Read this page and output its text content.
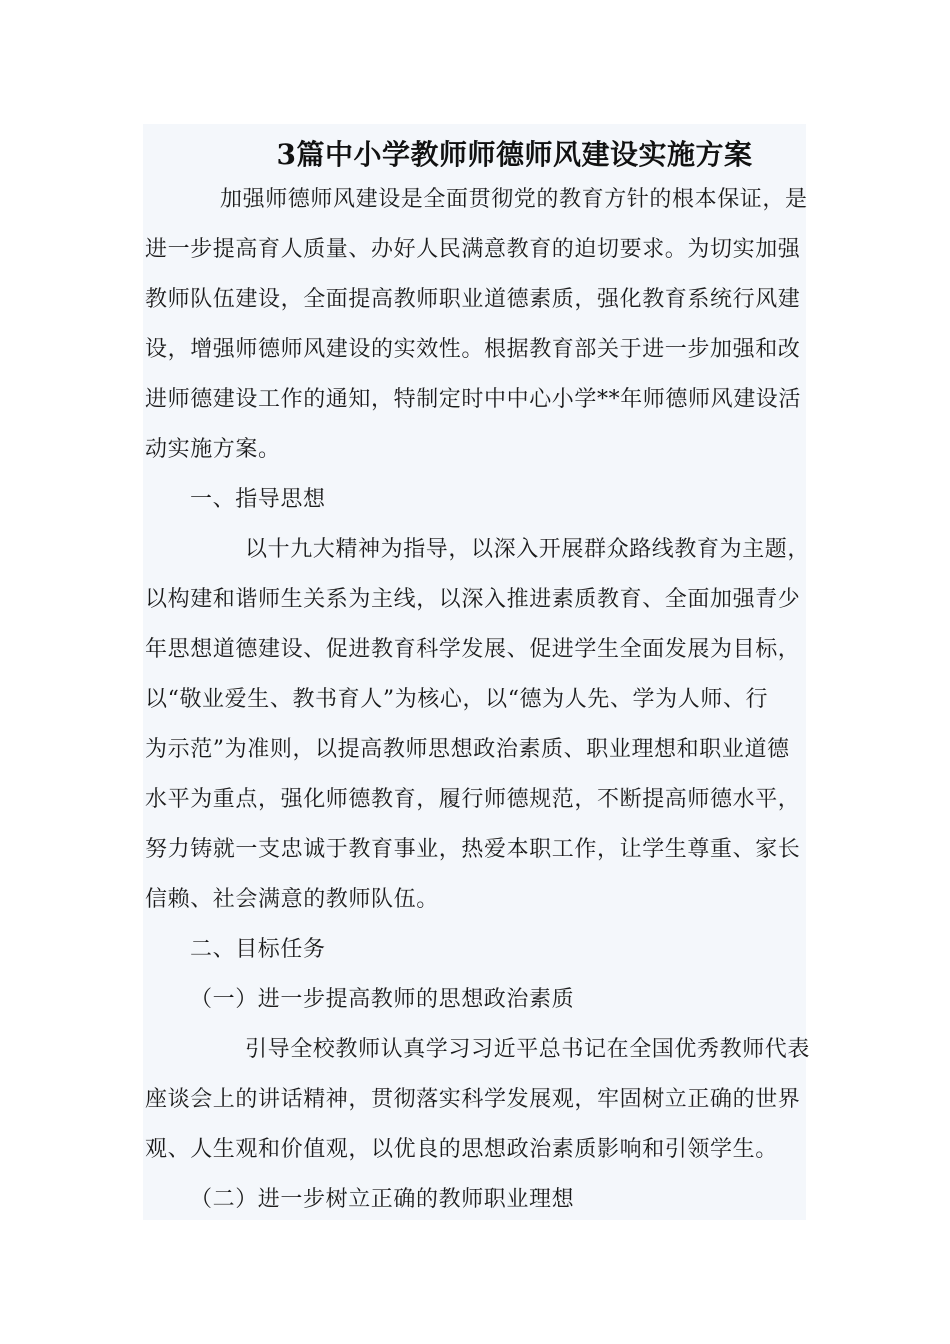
3篇中小学教师师德师风建设实施方案
加强师德师风建设是全面贯彻党的教育方针的根本保证，是
进一步提高育人质量、办好人民满意教育的迫切要求。为切实加强
教师队伍建设，全面提高教师职业道德素质，强化教育系统行风建
设，增强师德师风建设的实效性。根据教育部关于进一步加强和改
进师德建设工作的通知，特制定时中中心小学**年师德师风建设活
动实施方案。
一、指导思想
以十九大精神为指导，以深入开展群众路线教育为主题，
以构建和谐师生关系为主线，以深入推进素质教育、全面加强青少
年思想道德建设、促进教育科学发展、促进学生全面发展为目标，
以“敬业爱生、教书育人”为核心，以“德为人先、学为人师、行
为示范”为准则，以提高教师思想政治素质、职业理想和职业道德
水平为重点，强化师德教育，履行师德规范，不断提高师德水平，
努力铸就一支忠诚于教育事业，热爱本职工作，让学生尊重、家长
信赖、社会满意的教师队伍。
二、目标任务
（一）进一步提高教师的思想政治素质
引导全校教师认真学习习近平总书记在全国优秀教师代表
座谈会上的讲话精神，贯彻落实科学发展观，牢固树立正确的世界
观、人生观和价值观，以优良的思想政治素质影响和引领学生。
（二）进一步树立正确的教师职业理想
